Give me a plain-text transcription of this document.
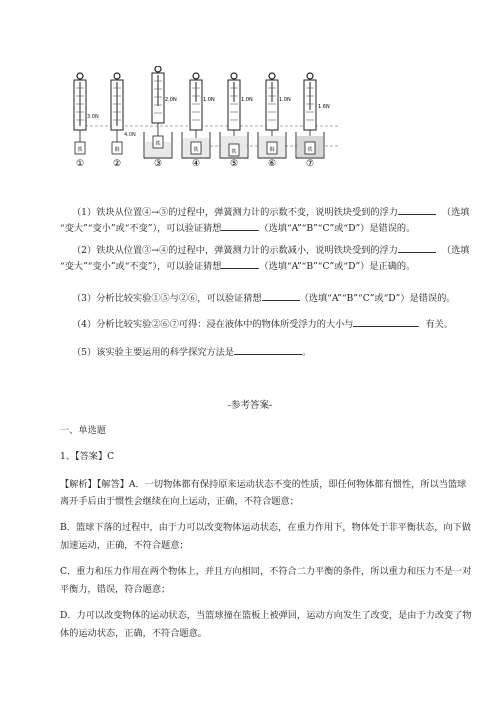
3.0N
铁
①
4.0N
铜
②
2.0N
铁
③
1.0N
铁
④
1.0N
铁
⑤
1.0N
铜
⑥
1.6N
铁
⑦
（1）铁块从位置④→⑤的过程中，弹簧测力计的示数不变，说明铁块受到的浮力	（选填
“变大”“变小”或“不变”），可以验证猜想	（选填“A”“B”“C”或“D”）是错误的。
（2）铁块从位置③→④的过程中，弹簧测力计的示数减小，说明铁块受到的浮力	（选填
“变大”“变小”或“不变”），可以验证猜想	（选填“A”“B”“C”或“D”）是正确的。
（3）分析比较实验①⑤与②⑥，可以验证猜想	（选填“A”“B”“C”或“D”）是错误的。
（4）分析比较实验②⑥⑦可得：浸在液体中的物体所受浮力的大小与	有关。
（5）该实验主要运用的科学探究方法是	。
-参考答案-
一、单选题
1、【答案】C
【解析】【解答】A．一切物体都有保持原来运动状态不变的性质，即任何物体都有惯性，所以当篮球
离开手后由于惯性会继续在向上运动，正确，不符合题意；
B．篮球下落的过程中，由于力可以改变物体运动状态，在重力作用下，物体处于非平衡状态，向下做
加速运动，正确，不符合题意；
C．重力和压力作用在两个物体上，并且方向相同，不符合二力平衡的条件，所以重力和压力不是一对
平衡力，错误，符合题意；
D．力可以改变物体的运动状态，当篮球撞在篮板上被弹回，运动方向发生了改变，是由于力改变了物
体的运动状态，正确，不符合题意。
